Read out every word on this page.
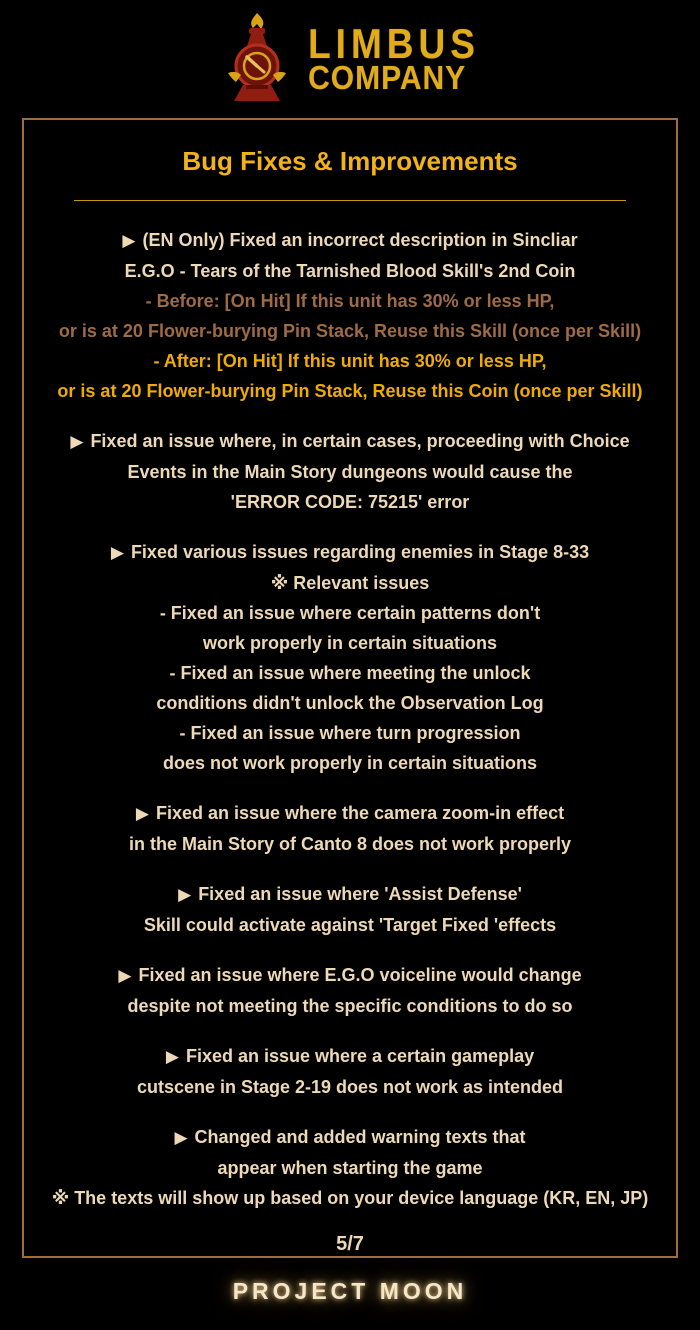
LIMBUS
COMPANY
Bug Fixes & Improvements
▶ (EN Only) Fixed an incorrect description in Sincliar
E.G.O - Tears of the Tarnished Blood Skill's 2nd Coin
- Before: [On Hit] If this unit has 30% or less HP,
or is at 20 Flower-burying Pin Stack, Reuse this Skill (once per Skill)
- After: [On Hit] If this unit has 30% or less HP,
or is at 20 Flower-burying Pin Stack, Reuse this Coin (once per Skill)
▶ Fixed an issue where, in certain cases, proceeding with Choice
Events in the Main Story dungeons would cause the
'ERROR CODE: 75215' error
▶ Fixed various issues regarding enemies in Stage 8-33
※ Relevant issues
- Fixed an issue where certain patterns don't
work properly in certain situations
- Fixed an issue where meeting the unlock
conditions didn't unlock the Observation Log
- Fixed an issue where turn progression
does not work properly in certain situations
▶ Fixed an issue where the camera zoom-in effect
in the Main Story of Canto 8 does not work properly
▶ Fixed an issue where 'Assist Defense'
Skill could activate against 'Target Fixed 'effects
▶ Fixed an issue where E.G.O voiceline would change
despite not meeting the specific conditions to do so
▶ Fixed an issue where a certain gameplay
cutscene in Stage 2-19 does not work as intended
▶ Changed and added warning texts that
appear when starting the game
※ The texts will show up based on your device language (KR, EN, JP)
5/7
PROJECT MOON
